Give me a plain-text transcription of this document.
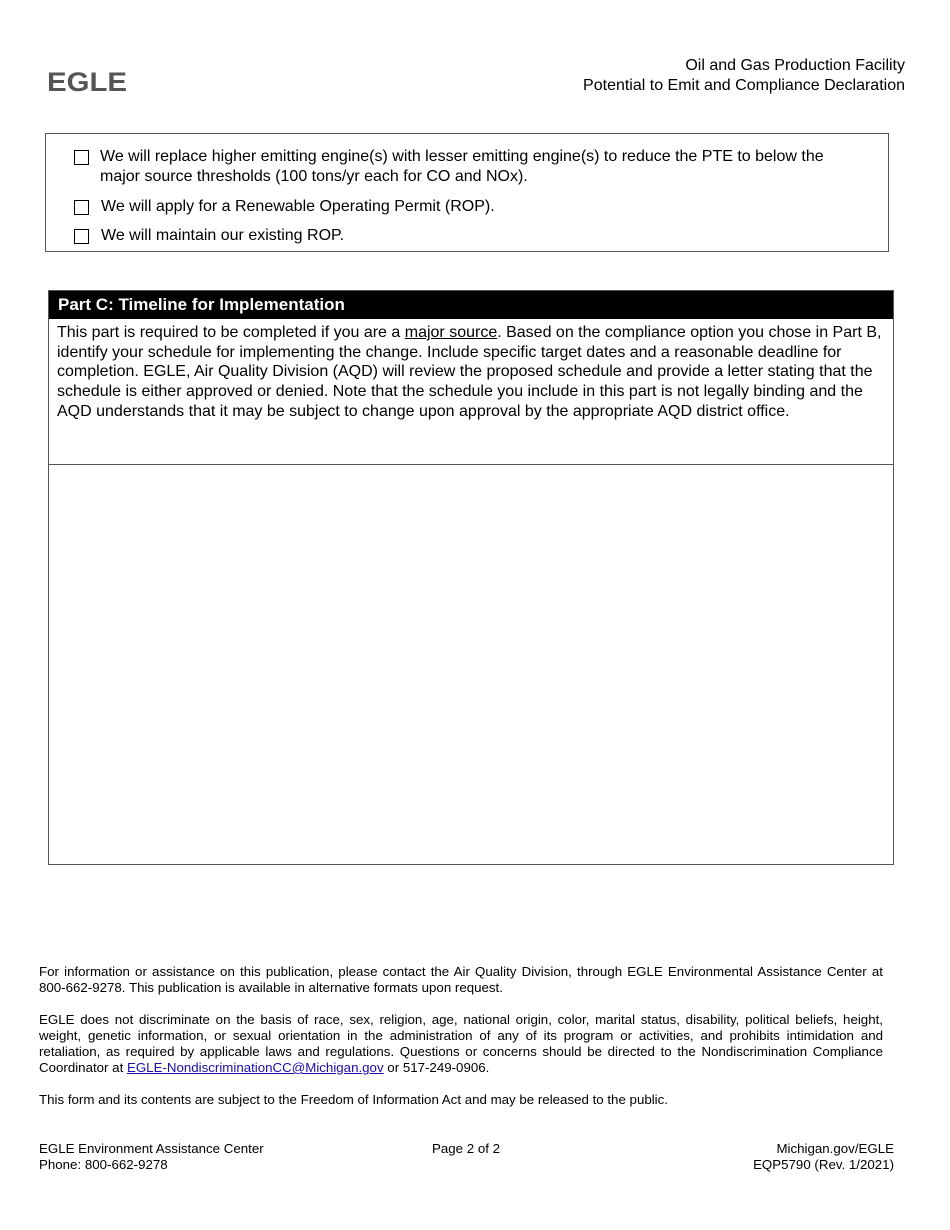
EGLE
Oil and Gas Production Facility
Potential to Emit and Compliance Declaration
We will replace higher emitting engine(s) with lesser emitting engine(s) to reduce the PTE to below the major source thresholds (100 tons/yr each for CO and NOx).
We will apply for a Renewable Operating Permit (ROP).
We will maintain our existing ROP.
Part C: Timeline for Implementation
This part is required to be completed if you are a major source. Based on the compliance option you chose in Part B, identify your schedule for implementing the change. Include specific target dates and a reasonable deadline for completion. EGLE, Air Quality Division (AQD) will review the proposed schedule and provide a letter stating that the schedule is either approved or denied. Note that the schedule you include in this part is not legally binding and the AQD understands that it may be subject to change upon approval by the appropriate AQD district office.
For information or assistance on this publication, please contact the Air Quality Division, through EGLE Environmental Assistance Center at 800-662-9278. This publication is available in alternative formats upon request.
EGLE does not discriminate on the basis of race, sex, religion, age, national origin, color, marital status, disability, political beliefs, height, weight, genetic information, or sexual orientation in the administration of any of its program or activities, and prohibits intimidation and retaliation, as required by applicable laws and regulations. Questions or concerns should be directed to the Nondiscrimination Compliance Coordinator at EGLE-NondiscriminationCC@Michigan.gov or 517-249-0906.
This form and its contents are subject to the Freedom of Information Act and may be released to the public.
EGLE Environment Assistance Center
Phone: 800-662-9278
Page 2 of 2	Michigan.gov/EGLE
EQP5790 (Rev. 1/2021)
